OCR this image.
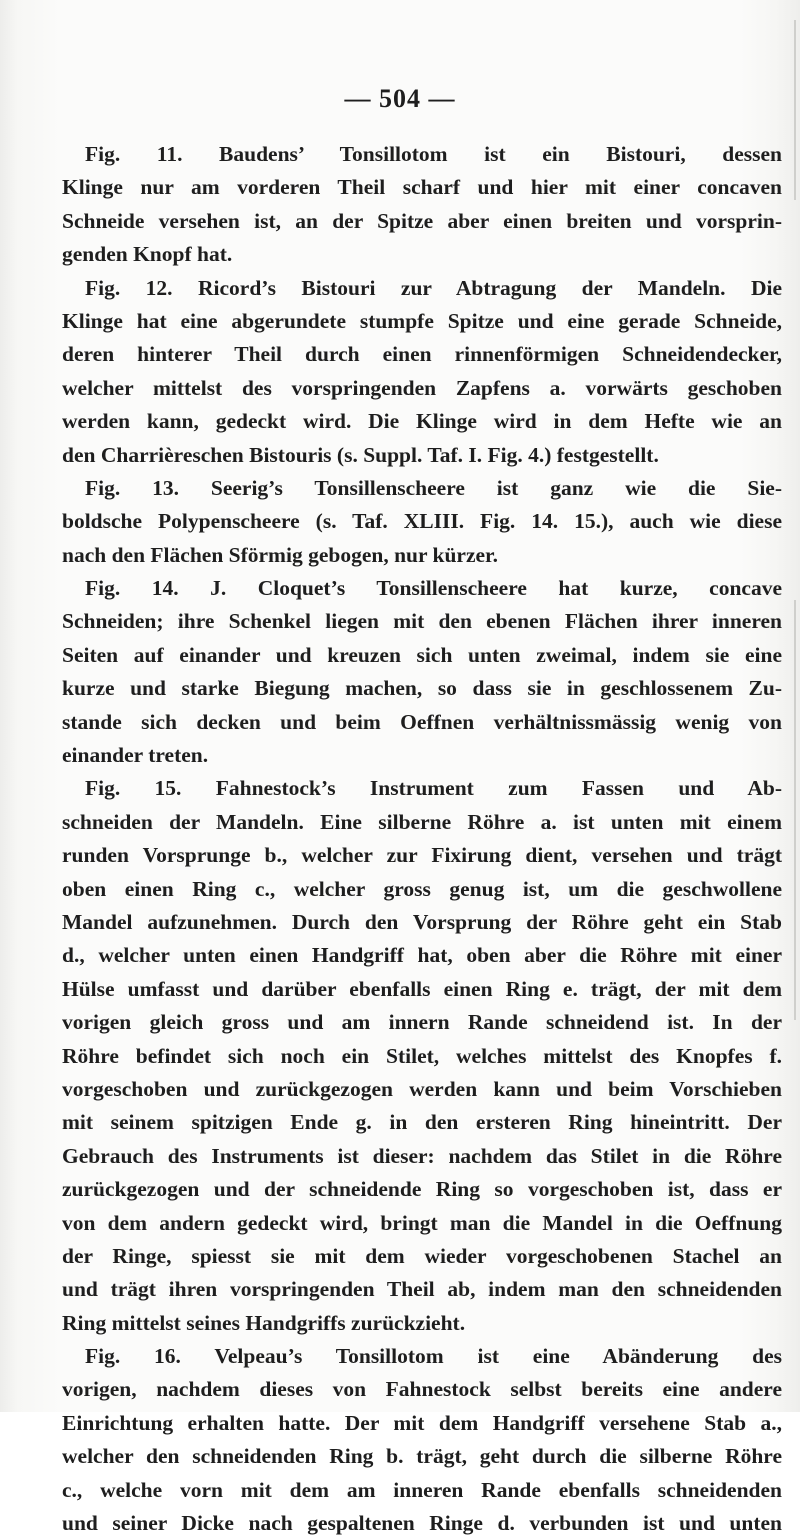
— 504 —
Fig. 11. Baudens’ Tonsillotom ist ein Bistouri, dessen
Klinge nur am vorderen Theil scharf und hier mit einer concaven
Schneide versehen ist, an der Spitze aber einen breiten und vorsprin-
genden Knopf hat.
Fig. 12. Ricord’s Bistouri zur Abtragung der Mandeln. Die
Klinge hat eine abgerundete stumpfe Spitze und eine gerade Schneide,
deren hinterer Theil durch einen rinnenförmigen Schneidendecker,
welcher mittelst des vorspringenden Zapfens a. vorwärts geschoben
werden kann, gedeckt wird. Die Klinge wird in dem Hefte wie an
den Charrièreschen Bistouris (s. Suppl. Taf. I. Fig. 4.) festgestellt.
Fig. 13. Seerig’s Tonsillenscheere ist ganz wie die Sie-
boldsche Polypenscheere (s. Taf. XLIII. Fig. 14. 15.), auch wie diese
nach den Flächen Sförmig gebogen, nur kürzer.
Fig. 14. J. Cloquet’s Tonsillenscheere hat kurze, concave
Schneiden; ihre Schenkel liegen mit den ebenen Flächen ihrer inneren
Seiten auf einander und kreuzen sich unten zweimal, indem sie eine
kurze und starke Biegung machen, so dass sie in geschlossenem Zu-
stande sich decken und beim Oeffnen verhältnissmässig wenig von
einander treten.
Fig. 15. Fahnestock’s Instrument zum Fassen und Ab-
schneiden der Mandeln. Eine silberne Röhre a. ist unten mit einem
runden Vorsprunge b., welcher zur Fixirung dient, versehen und trägt
oben einen Ring c., welcher gross genug ist, um die geschwollene
Mandel aufzunehmen. Durch den Vorsprung der Röhre geht ein Stab
d., welcher unten einen Handgriff hat, oben aber die Röhre mit einer
Hülse umfasst und darüber ebenfalls einen Ring e. trägt, der mit dem
vorigen gleich gross und am innern Rande schneidend ist. In der
Röhre befindet sich noch ein Stilet, welches mittelst des Knopfes f.
vorgeschoben und zurückgezogen werden kann und beim Vorschieben
mit seinem spitzigen Ende g. in den ersteren Ring hineintritt. Der
Gebrauch des Instruments ist dieser: nachdem das Stilet in die Röhre
zurückgezogen und der schneidende Ring so vorgeschoben ist, dass er
von dem andern gedeckt wird, bringt man die Mandel in die Oeffnung
der Ringe, spiesst sie mit dem wieder vorgeschobenen Stachel an
und trägt ihren vorspringenden Theil ab, indem man den schneidenden
Ring mittelst seines Handgriffs zurückzieht.
Fig. 16. Velpeau’s Tonsillotom ist eine Abänderung des
vorigen, nachdem dieses von Fahnestock selbst bereits eine andere
Einrichtung erhalten hatte. Der mit dem Handgriff versehene Stab a.,
welcher den schneidenden Ring b. trägt, geht durch die silberne Röhre
c., welche vorn mit dem am inneren Rande ebenfalls schneidenden
und seiner Dicke nach gespaltenen Ringe d. verbunden ist und unten
